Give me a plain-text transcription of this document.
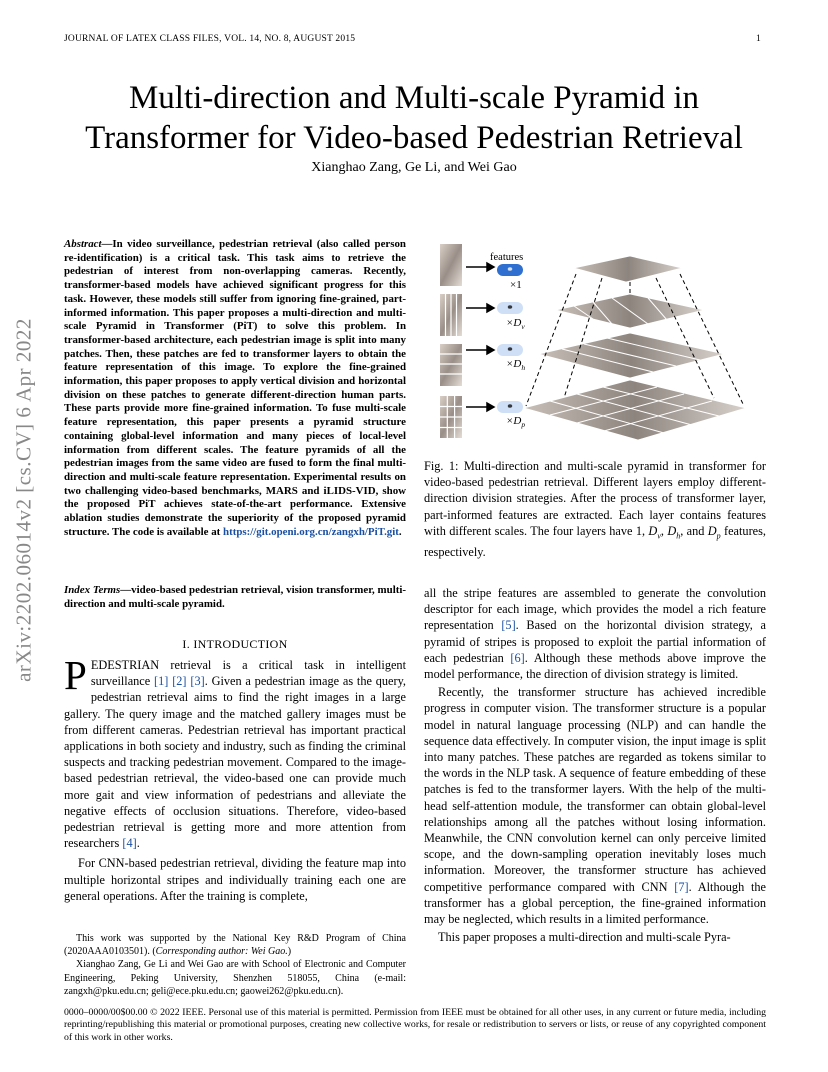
JOURNAL OF LATEX CLASS FILES, VOL. 14, NO. 8, AUGUST 2015	1
arXiv:2202.06014v2 [cs.CV] 6 Apr 2022
Multi-direction and Multi-scale Pyramid in
Transformer for Video-based Pedestrian Retrieval
Xianghao Zang, Ge Li, and Wei Gao
Abstract—In video surveillance, pedestrian retrieval (also called person re-identification) is a critical task. This task aims to retrieve the pedestrian of interest from non-overlapping cameras. Recently, transformer-based models have achieved significant progress for this task. However, these models still suffer from ignoring fine-grained, part-informed information. This paper proposes a multi-direction and multi-scale Pyramid in Transformer (PiT) to solve this problem. In transformer-based architecture, each pedestrian image is split into many patches. Then, these patches are fed to transformer layers to obtain the feature representation of this image. To explore the fine-grained information, this paper proposes to apply vertical division and horizontal division on these patches to generate different-direction human parts. These parts provide more fine-grained information. To fuse multi-scale feature representation, this paper presents a pyramid structure containing global-level information and many pieces of local-level information from different scales. The feature pyramids of all the pedestrian images from the same video are fused to form the final multi-direction and multi-scale feature representation. Experimental results on two challenging video-based benchmarks, MARS and iLIDS-VID, show the proposed PiT achieves state-of-the-art performance. Extensive ablation studies demonstrate the superiority of the proposed pyramid structure. The code is available at https://git.openi.org.cn/zangxh/PiT.git.
Index Terms—video-based pedestrian retrieval, vision transformer, multi-direction and multi-scale pyramid.
I. INTRODUCTION

PEDESTRIAN retrieval is a critical task in intelligent surveillance [1] [2] [3]. Given a pedestrian image as the query, pedestrian retrieval aims to find the right images in a large gallery. The query image and the matched gallery images must be from different cameras. Pedestrian retrieval has important practical applications in both society and industry, such as finding the criminal suspects and tracking pedestrian movement. Compared to the image-based pedestrian retrieval, the video-based one can provide much more gait and view information of pedestrians and alleviate the negative effects of occlusion situations. Therefore, video-based pedestrian retrieval is getting more and more attention from researchers [4].

For CNN-based pedestrian retrieval, dividing the feature map into multiple horizontal stripes and individually training each one are general operations. After the training is complete,

This work was supported by the National Key R&D Program of China (2020AAA0103501). (Corresponding author: Wei Gao.)

Xianghao Zang, Ge Li and Wei Gao are with School of Electronic and Computer Engineering, Peking University, Shenzhen 518055, China (e-mail: zangxh@pku.edu.cn; geli@ece.pku.edu.cn; gaowei262@pku.edu.cn).

features
*
*
*
*
×1
$\times D_v$
$\times D_h$
$\times D_p$
Fig. 1: Multi-direction and multi-scale pyramid in transformer for video-based pedestrian retrieval. Different layers employ different-direction division strategies. After the process of transformer layer, part-informed features are extracted. Each layer contains features with different scales. The four layers have 1, $D_v$, $D_h$, and $D_p$ features, respectively.

all the stripe features are assembled to generate the convolution descriptor for each image, which provides the model a rich feature representation [5]. Based on the horizontal division strategy, a pyramid of stripes is proposed to exploit the partial information of each pedestrian [6]. Although these methods above improve the model performance, the direction of division strategy is limited.

Recently, the transformer structure has achieved incredible progress in computer vision. The transformer structure is a popular model in natural language processing (NLP) and can handle the sequence data effectively. In computer vision, the input image is split into many patches. These patches are regarded as tokens similar to the words in the NLP task. A sequence of feature embedding of these patches is fed to the transformer layers. With the help of the multi-head self-attention module, the transformer can obtain global-level relationships among all the patches without losing information. Meanwhile, the CNN convolution kernel can only perceive limited scope, and the down-sampling operation inevitably loses much information. Moreover, the transformer structure has achieved competitive performance compared with CNN [7]. Although the transformer has a global perception, the fine-grained information may be neglected, which results in a limited performance.

This paper proposes a multi-direction and multi-scale Pyra-

0000–0000/00$00.00 © 2022 IEEE. Personal use of this material is permitted. Permission from IEEE must be obtained for all other uses, in any current or future media, including reprinting/republishing this material or promotional purposes, creating new collective works, for resale or redistribution to servers or lists, or reuse of any copyrighted component of this work in other works.
